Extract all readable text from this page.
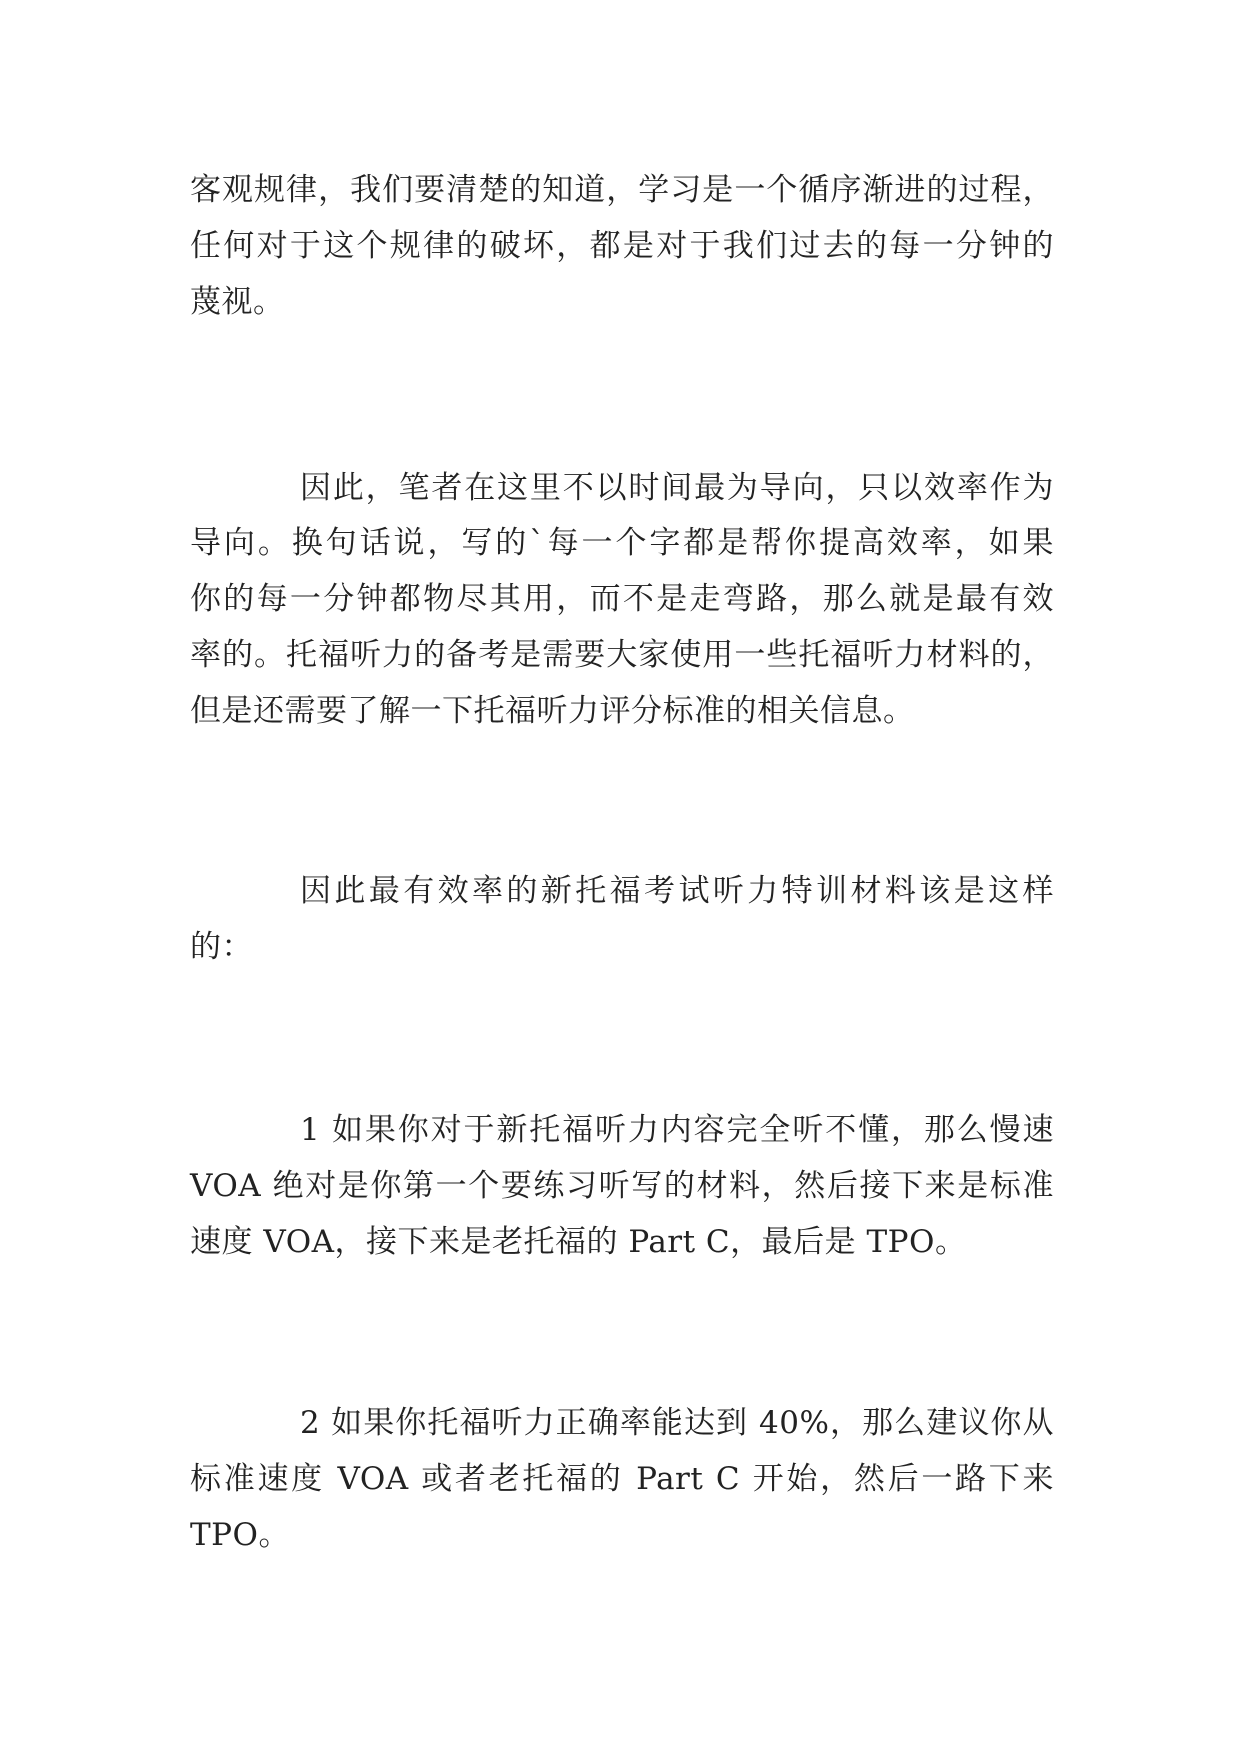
客观规律，我们要清楚的知道，学习是一个循序渐进的过程，

任何对于这个规律的破坏，都是对于我们过去的每一分钟的

蔑视。

因此，笔者在这里不以时间最为导向，只以效率作为

导向。换句话说，写的`每一个字都是帮你提高效率，如果

你的每一分钟都物尽其用，而不是走弯路，那么就是最有效

率的。托福听力的备考是需要大家使用一些托福听力材料的，

但是还需要了解一下托福听力评分标准的相关信息。

因此最有效率的新托福考试听力特训材料该是这样

的：

1 如果你对于新托福听力内容完全听不懂，那么慢速

VOA 绝对是你第一个要练习听写的材料，然后接下来是标准

速度 VOA，接下来是老托福的 Part C，最后是 TPO。

2 如果你托福听力正确率能达到 40%，那么建议你从

标准速度 VOA 或者老托福的 Part C 开始，然后一路下来

TPO。
